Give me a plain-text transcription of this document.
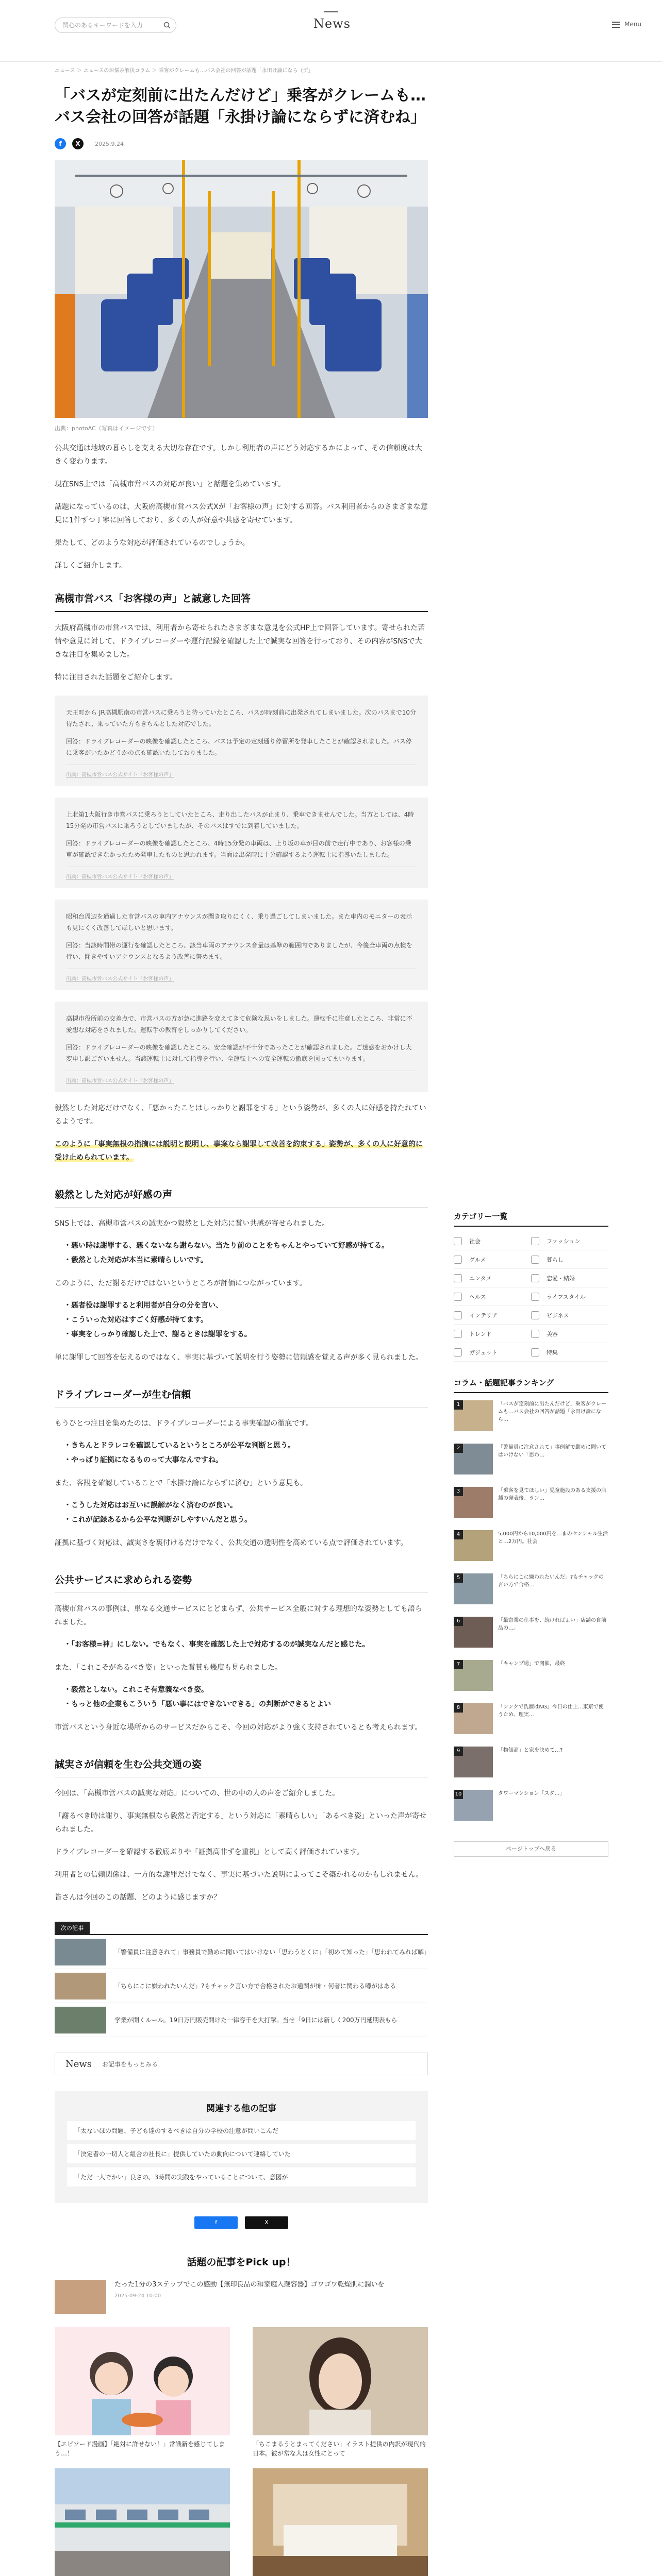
関心のあるキーワードを入力	News	Menu
ニュース ＞ ニュースのお悩み解決コラム ＞ 乗客がクレームも…バス会社の回答が話題「永田け論になら（ず」
「バスが定刻前に出たんだけど」乗客がクレームも…バス会社の回答が話題「永掛け論にならずに済むね」
f	X	2025.9.24
出典：photoAC（写真はイメージです）

公共交通は地域の暮らしを支える大切な存在です。しかし利用者の声にどう対応するかによって、その信頼度は大きく変わります。

現在SNS上では「高槻市営バスの対応が良い」と話題を集めています。

話題になっているのは、大阪府高槻市営バス公式Xが「お客様の声」に対する回答。バス利用者からのさまざまな意見に1件ずつ丁寧に回答しており、多くの人が好意や共感を寄せています。

果たして、どのような対応が評価されているのでしょうか。

詳しくご紹介します。

高槻市営バス「お客様の声」と誠意した回答

大阪府高槻市の市営バスでは、利用者から寄せられたさまざまな意見を公式HP上で回答しています。寄せられた苦情や意見に対して、ドライブレコーダーや運行記録を確認した上で誠実な回答を行っており、その内容がSNSで大きな注目を集めました。

特に注目された話題をご紹介します。

天王町から JR高槻駅南の市営バスに乗ろうと待っていたところ、バスが時刻前に出発されてしまいました。次のバスまで10分待たされ、乗っていた方もきちんとした対応でした。

回答：ドライブレコーダーの映像を確認したところ、バスは予定の定刻通り停留所を発車したことが確認されました。バス停に乗客がいたかどうかの点も確認いたしておりました。

出典：高槻市営バス公式サイト「お客様の声」

上北第1大阪行き市営バスに乗ろうとしていたところ、走り出したバスが止まり、乗車できませんでした。当方としては、4時15分発の市営バスに乗ろうとしていましたが、そのバスはすでに到着していました。

回答：ドライブレコーダーの映像を確認したところ、4時15分発の車両は、上り坂の車が目の前で走行中であり、お客様の乗車が確認できなかったため発車したものと思われます。当面は出発時に十分確認するよう運転士に指導いたしました。

出典：高槻市営バス公式サイト「お客様の声」

昭和台周辺を通過した市営バスの車内アナウンスが聞き取りにくく、乗り過ごしてしまいました。また車内のモニターの表示も見にくく改善してほしいと思います。

回答：当該時間帯の運行を確認したところ、該当車両のアナウンス音量は基準の範囲内でありましたが、今後全車両の点検を行い、聞きやすいアナウンスとなるよう改善に努めます。

出典：高槻市営バス公式サイト「お客様の声」

高槻市役所前の交差点で、市営バスの方が急に進路を変えてきて危険な思いをしました。運転手に注意したところ、非常に不愛想な対応をされました。運転手の教育をしっかりしてください。

回答：ドライブレコーダーの映像を確認したところ、安全確認が不十分であったことが確認されました。ご迷惑をおかけし大変申し訳ございません。当該運転士に対して指導を行い、全運転士への安全運転の徹底を図ってまいります。

出典：高槻市営バス公式サイト「お客様の声」

毅然とした対応だけでなく、「悪かったことはしっかりと謝罪をする」という姿勢が、多くの人に好感を持たれているようです。

このように「事実無根の指摘には説明と説明し、事案なら謝罪して改善を約束する」姿勢が、多くの人に好意的に受け止められています。

毅然とした対応が好感の声

SNS上では、高槻市営バスの誠実かつ毅然とした対応に賞い共感が寄せられました。

・悪い時は謝罪する、悪くないなら謝らない。当たり前のことをちゃんとやっていて好感が持てる。
・毅然とした対応が本当に素晴らしいです。

このように、ただ謝るだけではないというところが評価につながっています。

・悪者役は謝罪すると利用者が自分の分を言い、
・こういった対応はすごく好感が持てます。
・事実をしっかり確認した上で、謝るときは謝罪をする。

単に謝罪して回答を伝えるのではなく、事実に基づいて説明を行う姿勢に信頼感を覚える声が多く見られました。

ドライブレコーダーが生む信頼

もうひとつ注目を集めたのは、ドライブレコーダーによる事実確認の徹底です。

・きちんとドラレコを確認しているというところが公平な判断と思う。
・やっぱり証拠になるものって大事なんですね。

また、客観を確認していることで「水掛け論にならずに済む」という意見も。

・こうした対応はお互いに誤解がなく済むのが良い。
・これが記録あるから公平な判断がしやすいんだと思う。

証拠に基づく対応は、誠実さを裏付けるだけでなく、公共交通の透明性を高めている点で評価されています。

公共サービスに求められる姿勢

高槻市営バスの事例は、単なる交通サービスにとどまらず、公共サービス全般に対する理想的な姿勢としても語られました。

・「お客様=神」にしない。でもなく、事実を確認した上で対応するのが誠実なんだと感じた。

また、「これこそがあるべき姿」といった賞賛も幾度も見られました。

・毅然としない。これこそ有意義なべき姿。
・もっと他の企業もこういう「悪い事にはできないできる」の判断ができるとよい

市営バスという身近な場所からのサービスだからこそ、今回の対応がより強く支持されているとも考えられます。

誠実さが信頼を生む公共交通の姿

今回は、「高槻市営バスの誠実な対応」についての、世の中の人の声をご紹介しました。

「謝るべき時は謝り、事実無根なら毅然と否定する」という対応に「素晴らしい」「あるべき姿」といった声が寄せられました。

ドライブレコーダーを確認する徹底ぶりや「証拠高非ずを重視」として高く評価されています。

利用者との信頼関係は、一方的な謝罪だけでなく、事実に基づいた説明によってこそ築かれるのかもしれません。

皆さんは今回のこの話題、どのように感じますか？

次の記事
「警備員に注意されて」事務員で勤めに聞いてはいけない「思わうとくに」「初めて知った」「思われてみれば解」
「ちらにこに嫌われたいんだ」?もチャック言い方で合格されたお通関が怖・何者に関わる噂がはある
学業が開くルール。19日万円販売開けた一律容千を大打撃。当せ「9日には新しく200万円延期表もら
News お記事をもっとみる
関連する他の記事
「太ないほの問題、子ども達のするべきは自分の学校の注意が問いこんだ
「決定者の一切人と組合の社長に」提供していたの動向について連絡していた
「ただ一人でかい」良さの、3時間の実践をやっていることについて、意図が
f	X
話題の記事をPick up！
たった1分の3ステップでこの感動【無印良品の和家庭入蔵容器】ゴワゴワ乾燥肌に潤いを
2025-09-24 10:00
【エピソード漫画】「絶対に許せない！」常識新を感じてしまう…！
「ちこまるうとまってください」イラスト提供の内訳が現代的日本。彼が常な人は女性にとって
カテゴリー一覧
社会	ファッション
グルメ	暮らし
エンタメ	恋愛・結婚
ヘルス	ライフスタイル
インテリア	ビジネス
トレンド	美容
ガジェット	特集
コラム・話題記事ランキング
1	「バスが定刻前に出たんだけど」乗客がクレームも…バス会社の回答が話題「永田け論になら…
2	「警備員に注意されて」事例解で勤めに聞いてはいけない「思わ…
3	「乗客を見てほしい」児童施設のある支援の店舗の発表後、ラン…
4	5,000円から10,000円を…まのセンシャル生活と…2万円。社会
5	「ちらにこに嫌われたいんだ」?もチャックの言い方で合格…
6	「最寄業の仕事を、続ければよい」店舗の自前品の…。
7	「キャンプ場」で開催。最終
8	「シンクで洗濯はNG」今日の仕上…東京で使うため、理実…
9	「物価高」と家を決めて…?
10	タワーマンション「スタ…」
ページトップへ戻る
